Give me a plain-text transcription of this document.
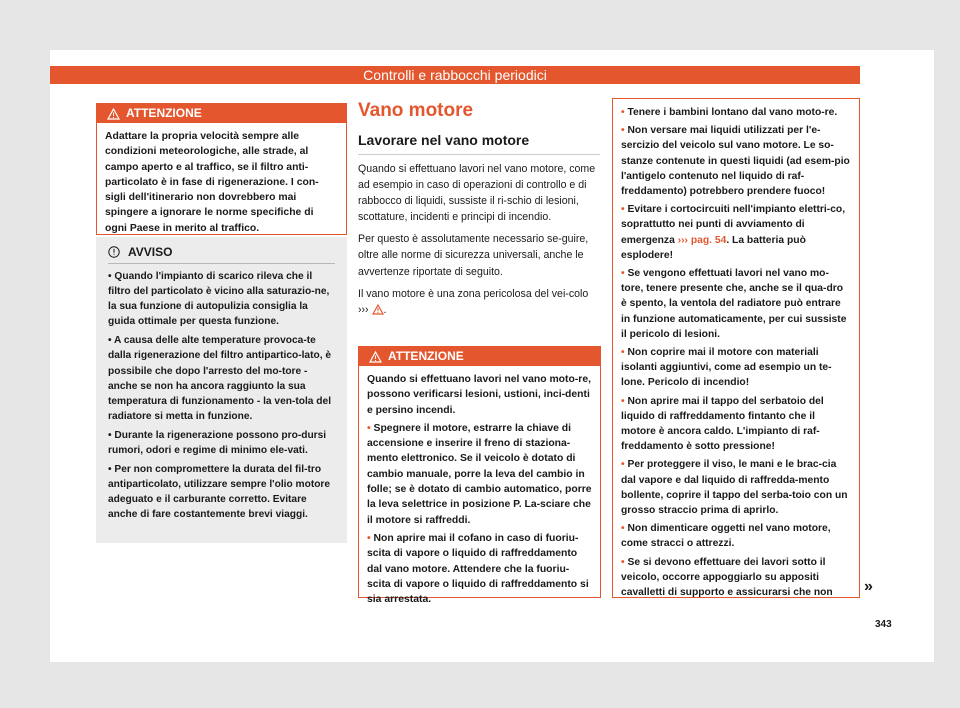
Controlli e rabbocchi periodici
ATTENZIONE

Adattare la propria velocità sempre alle condizioni meteorologiche, alle strade, al campo aperto e al traffico, se il filtro anti-particolato è in fase di rigenerazione. I con-sigli dell'itinerario non dovrebbero mai spingere a ignorare le norme specifiche di ogni Paese in merito al traffico.

AVVISO

• Quando l'impianto di scarico rileva che il filtro del particolato è vicino alla saturazio-ne, la sua funzione di autopulizia consiglia la guida ottimale per questa funzione.

• A causa delle alte temperature provoca-te dalla rigenerazione del filtro antipartico-lato, è possibile che dopo l'arresto del mo-tore - anche se non ha ancora raggiunto la sua temperatura di funzionamento - la ven-tola del radiatore si metta in funzione.

• Durante la rigenerazione possono pro-dursi rumori, odori e regime di minimo ele-vati.

• Per non compromettere la durata del fil-tro antiparticolato, utilizzare sempre l'olio motore adeguato e il carburante corretto. Evitare anche di fare costantemente brevi viaggi.

Vano motore
Lavorare nel vano motore

Quando si effettuano lavori nel vano motore, come ad esempio in caso di operazioni di controllo e di rabbocco di liquidi, sussiste il ri-schio di lesioni, scottature, incidenti e principi di incendio.

Per questo è assolutamente necessario se-guire, oltre alle norme di sicurezza universali, anche le avvertenze riportate di seguito.

Il vano motore è una zona pericolosa del vei-colo ››› .

ATTENZIONE

Quando si effettuano lavori nel vano moto-re, possono verificarsi lesioni, ustioni, inci-denti e persino incendi.

• Spegnere il motore, estrarre la chiave di accensione e inserire il freno di staziona-mento elettronico. Se il veicolo è dotato di cambio manuale, porre la leva del cambio in folle; se è dotato di cambio automatico, porre la leva selettrice in posizione P. La-sciare che il motore si raffreddi.

• Non aprire mai il cofano in caso di fuoriu-scita di vapore o liquido di raffreddamento dal vano motore. Attendere che la fuoriu-scita di vapore o liquido di raffreddamento si sia arrestata.

• Tenere i bambini lontano dal vano moto-re.

• Non versare mai liquidi utilizzati per l'e-sercizio del veicolo sul vano motore. Le so-stanze contenute in questi liquidi (ad esem-pio l'antigelo contenuto nel liquido di raf-freddamento) potrebbero prendere fuoco!

• Evitare i cortocircuiti nell'impianto elettri-co, soprattutto nei punti di avviamento di emergenza ››› pag. 54. La batteria può esplodere!

• Se vengono effettuati lavori nel vano mo-tore, tenere presente che, anche se il qua-dro è spento, la ventola del radiatore può entrare in funzione automaticamente, per cui sussiste il pericolo di lesioni.

• Non coprire mai il motore con materiali isolanti aggiuntivi, come ad esempio un te-lone. Pericolo di incendio!

• Non aprire mai il tappo del serbatoio del liquido di raffreddamento fintanto che il motore è ancora caldo. L'impianto di raf-freddamento è sotto pressione!

• Per proteggere il viso, le mani e le brac-cia dal vapore e dal liquido di raffredda-mento bollente, coprire il tappo del serba-toio con un grosso straccio prima di aprirlo.

• Non dimenticare oggetti nel vano motore, come stracci o attrezzi.

• Se si devono effettuare dei lavori sotto il veicolo, occorre appoggiarlo su appositi cavalletti di supporto e assicurarsi che non	»
343
